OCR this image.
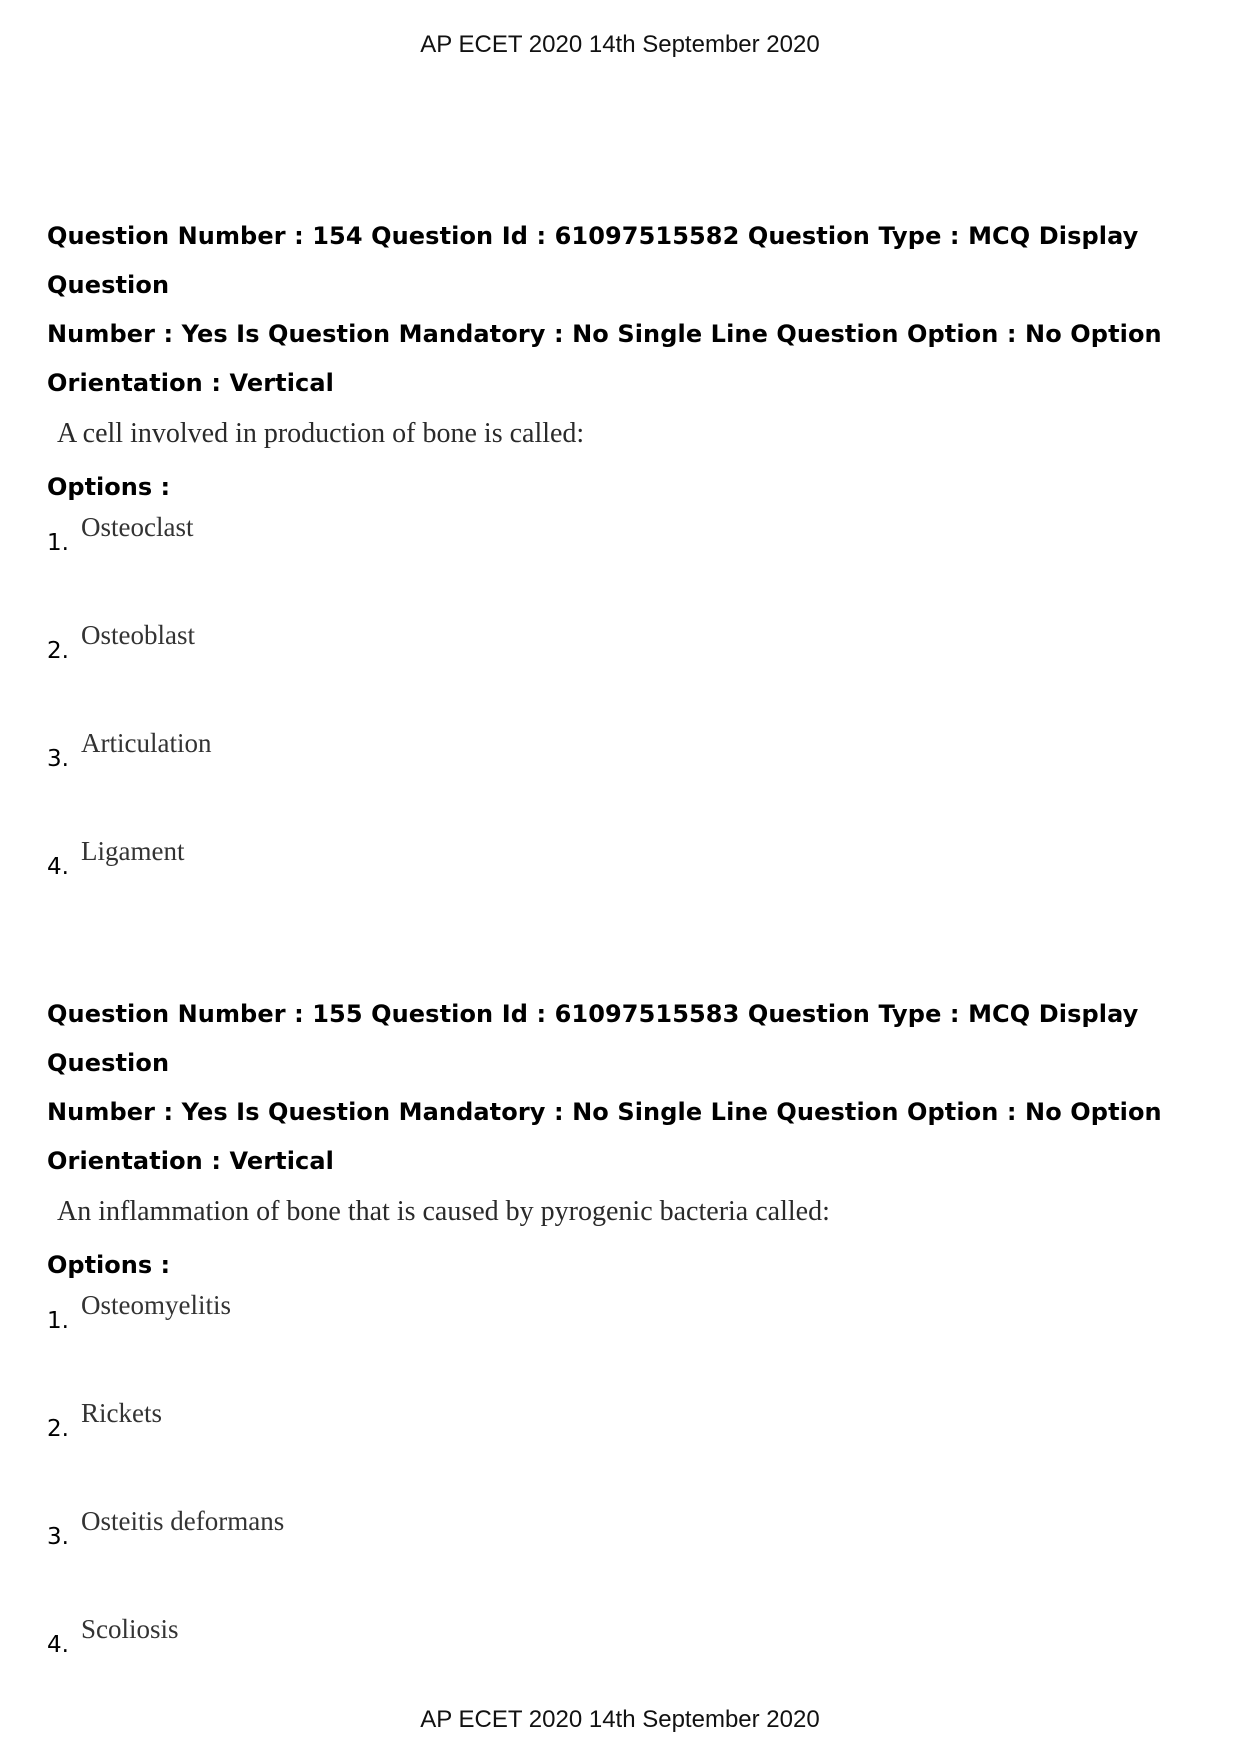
AP ECET 2020 14th September 2020

Question Number : 154 Question Id : 61097515582 Question Type : MCQ Display Question

Number : Yes Is Question Mandatory : No Single Line Question Option : No Option

Orientation : Vertical

A cell involved in production of bone is called:
Options :
1.
Osteoclast
2.
Osteoblast
3.
Articulation
4.
Ligament

Question Number : 155 Question Id : 61097515583 Question Type : MCQ Display Question

Number : Yes Is Question Mandatory : No Single Line Question Option : No Option

Orientation : Vertical

An inflammation of bone that is caused by pyrogenic bacteria called:
Options :
1.
Osteomyelitis
2.
Rickets
3.
Osteitis deformans
4.
Scoliosis
AP ECET 2020 14th September 2020
